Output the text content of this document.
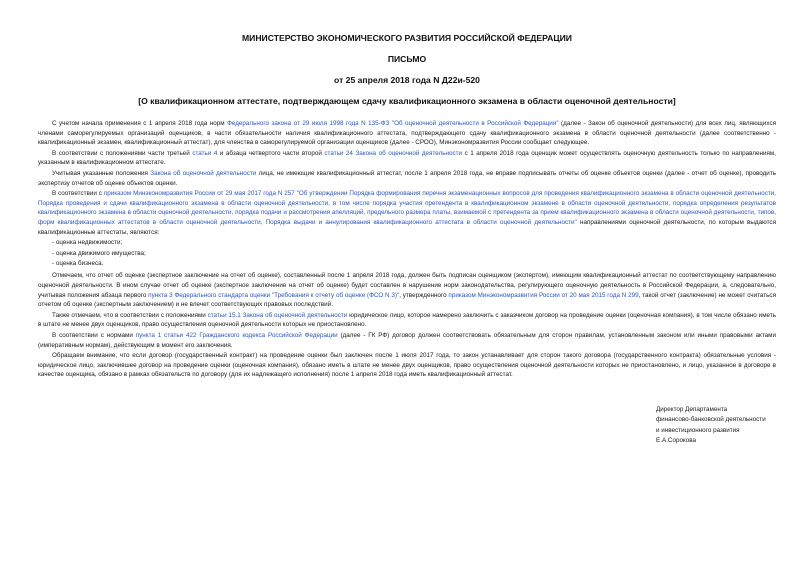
МИНИСТЕРСТВО ЭКОНОМИЧЕСКОГО РАЗВИТИЯ РОССИЙСКОЙ ФЕДЕРАЦИИ
ПИСЬМО
от 25 апреля 2018 года N Д22и-520
[О квалификационном аттестате, подтверждающем сдачу квалификационного экзамена в области оценочной деятельности]

С учетом начала применения с 1 апреля 2018 года норм Федерального закона от 29 июля 1998 года N 135-ФЗ "Об оценочной деятельности в Российской Федерации" (далее - Закон об оценочной деятельности) для всех лиц, являющихся членами саморегулируемых организаций оценщиков, в части обязательности наличия квалификационного аттестата, подтверждающего сдачу квалификационного экзамена в области оценочной деятельности (далее соответственно - квалификационный экзамен, квалификационный аттестат), для членства в саморегулируемой организации оценщиков (далее - СРОО), Минэкономразвития России сообщает следующее.

В соответствии с положениями части третьей статьи 4 и абзаца четвертого части второй статьи 24 Закона об оценочной деятельности с 1 апреля 2018 года оценщик может осуществлять оценочную деятельность только по направлениям, указанным в квалификационном аттестате.

Учитывая указанные положения Закона об оценочной деятельности лица, не имеющие квалификационный аттестат, после 1 апреля 2018 года, не вправе подписывать отчеты об оценке объектов оценки (далее - отчет об оценке), проводить экспертизу отчетов об оценке объектов оценки.

В соответствии с приказом Минэкономразвития России от 29 мая 2017 года N 257 "Об утверждении Порядка формирования перечня экзаменационных вопросов для проведения квалификационного экзамена в области оценочной деятельности, Порядка проведения и сдачи квалификационного экзамена в области оценочной деятельности, в том числе порядка участия претендента в квалификационном экзамене в области оценочной деятельности, порядка определения результатов квалификационного экзамена в области оценочной деятельности, порядка подачи и рассмотрения апелляций, предельного размера платы, взимаемой с претендента за прием квалификационного экзамена в области оценочной деятельности, типов, форм квалификационных аттестатов в области оценочной деятельности, Порядка выдачи и аннулирования квалификационного аттестата в области оценочной деятельности" направлениями оценочной деятельности, по которым выдаются квалификационные аттестаты, являются:

- оценка недвижимости;
- оценка движимого имущества;
- оценка бизнеса.

Отмечаем, что отчет об оценке (экспертное заключение на отчет об оценке), составленный после 1 апреля 2018 года, должен быть подписан оценщиком (экспертом), имеющим квалификационный аттестат по соответствующему направлению оценочной деятельности. В ином случае отчет об оценке (экспертное заключение на отчет об оценке) будет составлен в нарушение норм законодательства, регулирующего оценочную деятельность в Российской Федерации, а, следовательно, учитывая положения абзаца первого пункта 3 Федерального стандарта оценки "Требования к отчету об оценке (ФСО N 3)", утвержденного приказом Минэкономразвития России от 20 мая 2015 года N 299, такой отчет (заключение) не может считаться отчетом об оценке (экспертным заключением) и не влечет соответствующих правовых последствий.

Также отмечаем, что в соответствии с положениями статьи 15.1 Закона об оценочной деятельности юридическое лицо, которое намерено заключить с заказчиком договор на проведение оценки (оценочная компания), в том числе обязано иметь в штате не менее двух оценщиков, право осуществления оценочной деятельности которых не приостановлено.

В соответствии с нормами пункта 1 статьи 422 Гражданского кодекса Российской Федерации (далее - ГК РФ) договор должен соответствовать обязательным для сторон правилам, установленным законом или иными правовыми актами (императивным нормам), действующим в момент его заключения.

Обращаем внимание, что если договор (государственный контракт) на проведение оценки был заключен после 1 июля 2017 года, то закон устанавливает для сторон такого договора (государственного контракта) обязательные условия - юридическое лицо, заключившее договор на проведение оценки (оценочная компания), обязано иметь в штате не менее двух оценщиков, право осуществления оценочной деятельности которых не приостановлено, и лицо, указанное в договоре в качестве оценщика, обязано в рамках обязательств по договору (для их надлежащего исполнения) после 1 апреля 2018 года иметь квалификационный аттестат.

Директор Департамента
финансово-банковской деятельности
и инвестиционного развития
Е.А.Сорокова
